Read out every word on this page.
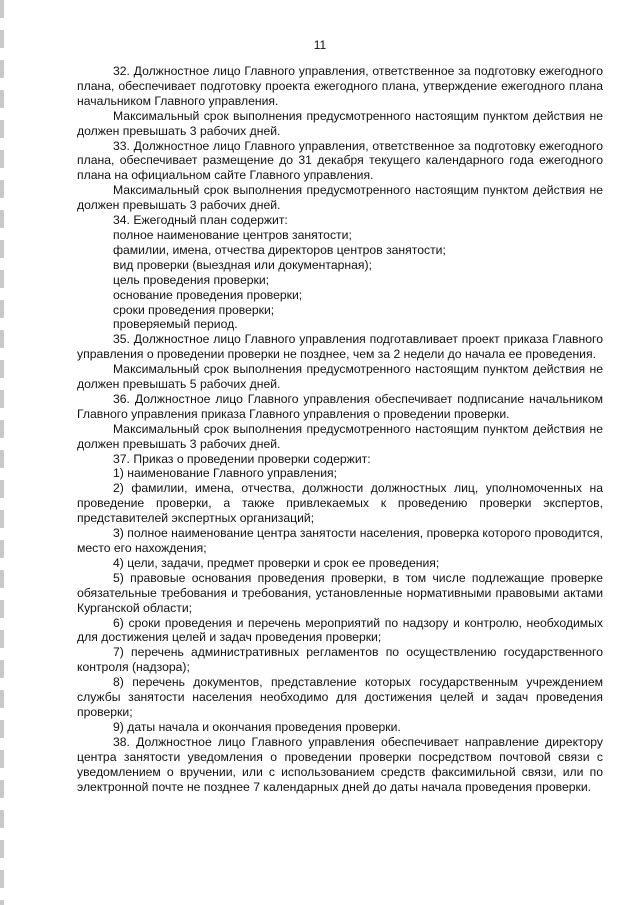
11

32. Должностное лицо Главного управления, ответственное за подготовку ежегодного плана, обеспечивает подготовку проекта ежегодного плана, утверждение ежегодного плана начальником Главного управления.

Максимальный срок выполнения предусмотренного настоящим пунктом действия не должен превышать 3 рабочих дней.

33. Должностное лицо Главного управления, ответственное за подготовку ежегодного плана, обеспечивает размещение до 31 декабря текущего календарного года ежегодного плана на официальном сайте Главного управления.

Максимальный срок выполнения предусмотренного настоящим пунктом действия не должен превышать 3 рабочих дней.

34. Ежегодный план содержит:

полное наименование центров занятости;

фамилии, имена, отчества директоров центров занятости;

вид проверки (выездная или документарная);

цель проведения проверки;

основание проведения проверки;

сроки проведения проверки;

проверяемый период.

35. Должностное лицо Главного управления подготавливает проект приказа Главного управления о проведении проверки не позднее, чем за 2 недели до начала ее проведения.

Максимальный срок выполнения предусмотренного настоящим пунктом действия не должен превышать 5 рабочих дней.

36. Должностное лицо Главного управления обеспечивает подписание начальником Главного управления приказа Главного управления о проведении проверки.

Максимальный срок выполнения предусмотренного настоящим пунктом действия не должен превышать 3 рабочих дней.

37. Приказ о проведении проверки содержит:

1) наименование Главного управления;

2) фамилии, имена, отчества, должности должностных лиц, уполномоченных на проведение проверки, а также привлекаемых к проведению проверки экспертов, представителей экспертных организаций;

3) полное наименование центра занятости населения, проверка которого проводится, место его нахождения;

4) цели, задачи, предмет проверки и срок ее проведения;

5) правовые основания проведения проверки, в том числе подлежащие проверке обязательные требования и требования, установленные нормативными правовыми актами Курганской области;

6) сроки проведения и перечень мероприятий по надзору и контролю, необходимых для достижения целей и задач проведения проверки;

7) перечень административных регламентов по осуществлению государственного контроля (надзора);

8) перечень документов, представление которых государственным учреждением службы занятости населения необходимо для достижения целей и задач проведения проверки;

9) даты начала и окончания проведения проверки.

38. Должностное лицо Главного управления обеспечивает направление директору центра занятости уведомления о проведении проверки посредством почтовой связи с уведомлением о вручении, или с использованием средств факсимильной связи, или по электронной почте не позднее 7 календарных дней до даты начала проведения проверки.
